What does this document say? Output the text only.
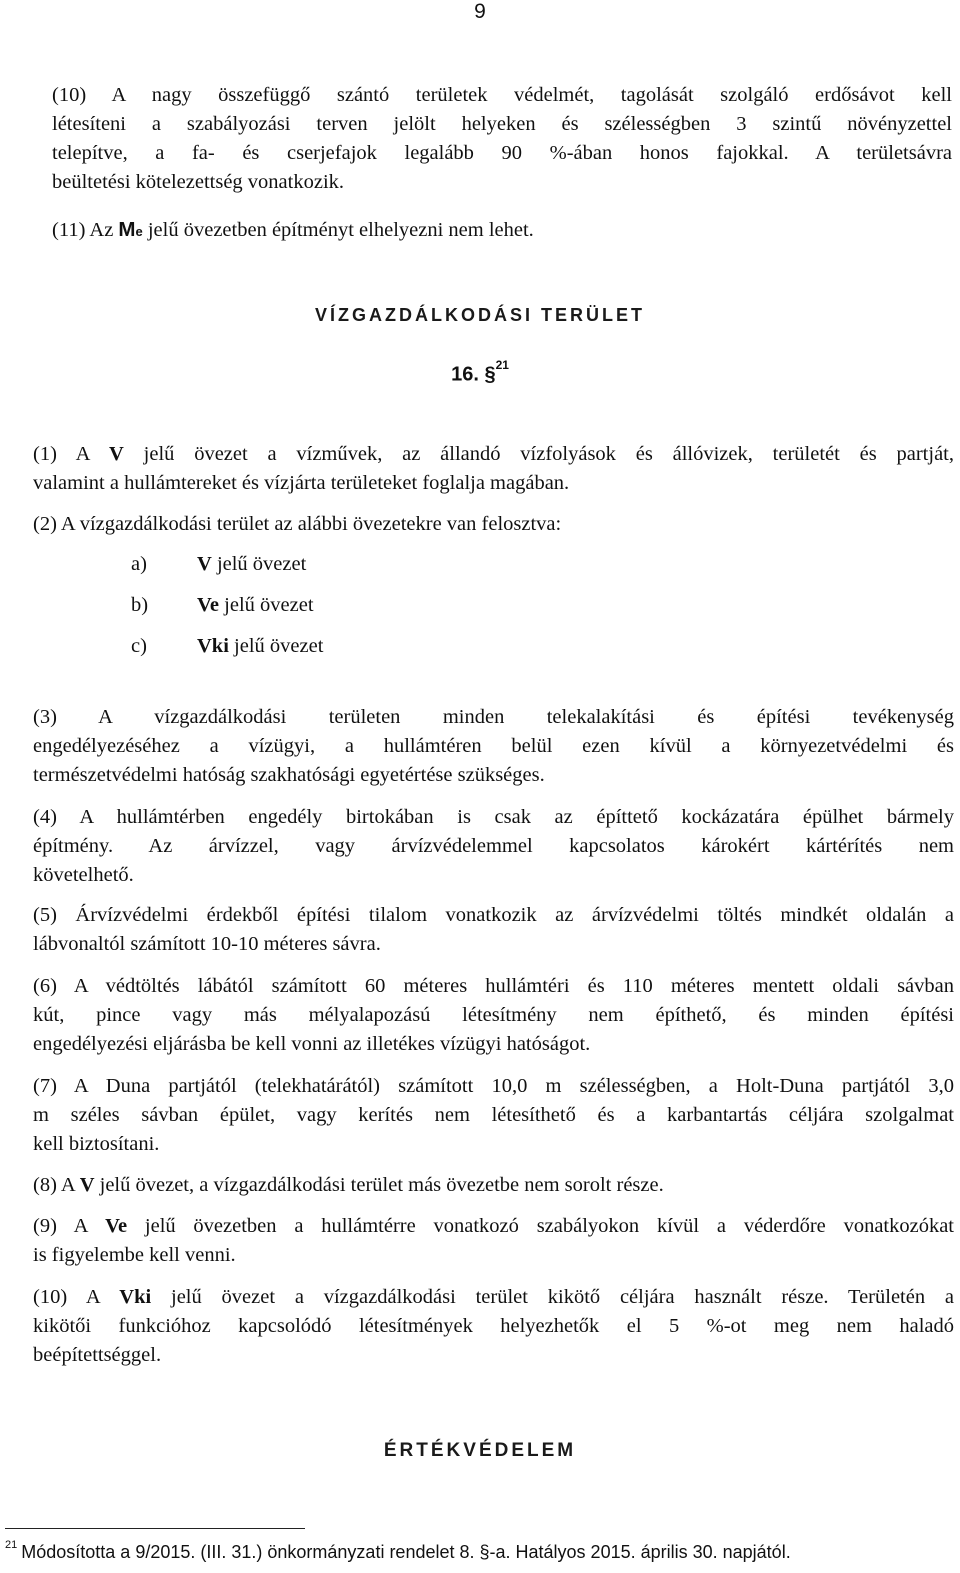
9
(10) A nagy összefüggő szántó területek védelmét, tagolását szolgáló erdősávot kell
létesíteni a szabályozási terven jelölt helyeken és szélességben 3 szintű növényzettel
telepítve, a fa- és cserjefajok legalább 90 %-ában honos fajokkal. A területsávra
beültetési kötelezettség vonatkozik.
(11) Az Me jelű övezetben építményt elhelyezni nem lehet.
VÍZGAZDÁLKODÁSI TERÜLET
16. §$^{21}$
(1) A V jelű övezet a vízművek, az állandó vízfolyások és állóvizek, területét és partját,
valamint a hullámtereket és vízjárta területeket foglalja magában.
(2) A vízgazdálkodási terület az alábbi övezetekre van felosztva:
a) V jelű övezet
b) Ve jelű övezet
c) Vki jelű övezet
(3) A vízgazdálkodási területen minden telekalakítási és építési tevékenység
engedélyezéséhez a vízügyi, a hullámtéren belül ezen kívül a környezetvédelmi és
természetvédelmi hatóság szakhatósági egyetértése szükséges.
(4) A hullámtérben engedély birtokában is csak az építtető kockázatára épülhet bármely
építmény. Az árvízzel, vagy árvízvédelemmel kapcsolatos károkért kártérítés nem
követelhető.
(5) Árvízvédelmi érdekből építési tilalom vonatkozik az árvízvédelmi töltés mindkét oldalán a
lábvonaltól számított 10-10 méteres sávra.
(6) A védtöltés lábától számított 60 méteres hullámtéri és 110 méteres mentett oldali sávban
kút, pince vagy más mélyalapozású létesítmény nem építhető, és minden építési
engedélyezési eljárásba be kell vonni az illetékes vízügyi hatóságot.
(7) A Duna partjától (telekhatárától) számított 10,0 m szélességben, a Holt-Duna partjától 3,0
m széles sávban épület, vagy kerítés nem létesíthető és a karbantartás céljára szolgalmat
kell biztosítani.
(8) A V jelű övezet, a vízgazdálkodási terület más övezetbe nem sorolt része.
(9) A Ve jelű övezetben a hullámtérre vonatkozó szabályokon kívül a véderdőre vonatkozókat
is figyelembe kell venni.
(10) A Vki jelű övezet a vízgazdálkodási terület kikötő céljára használt része. Területén a
kikötői funkcióhoz kapcsolódó létesítmények helyezhetők el 5 %-ot meg nem haladó
beépítettséggel.
ÉRTÉKVÉDELEM
$^{21}$ Módosította a 9/2015. (III. 31.) önkormányzati rendelet 8. §-a. Hatályos 2015. április 30. napjától.
